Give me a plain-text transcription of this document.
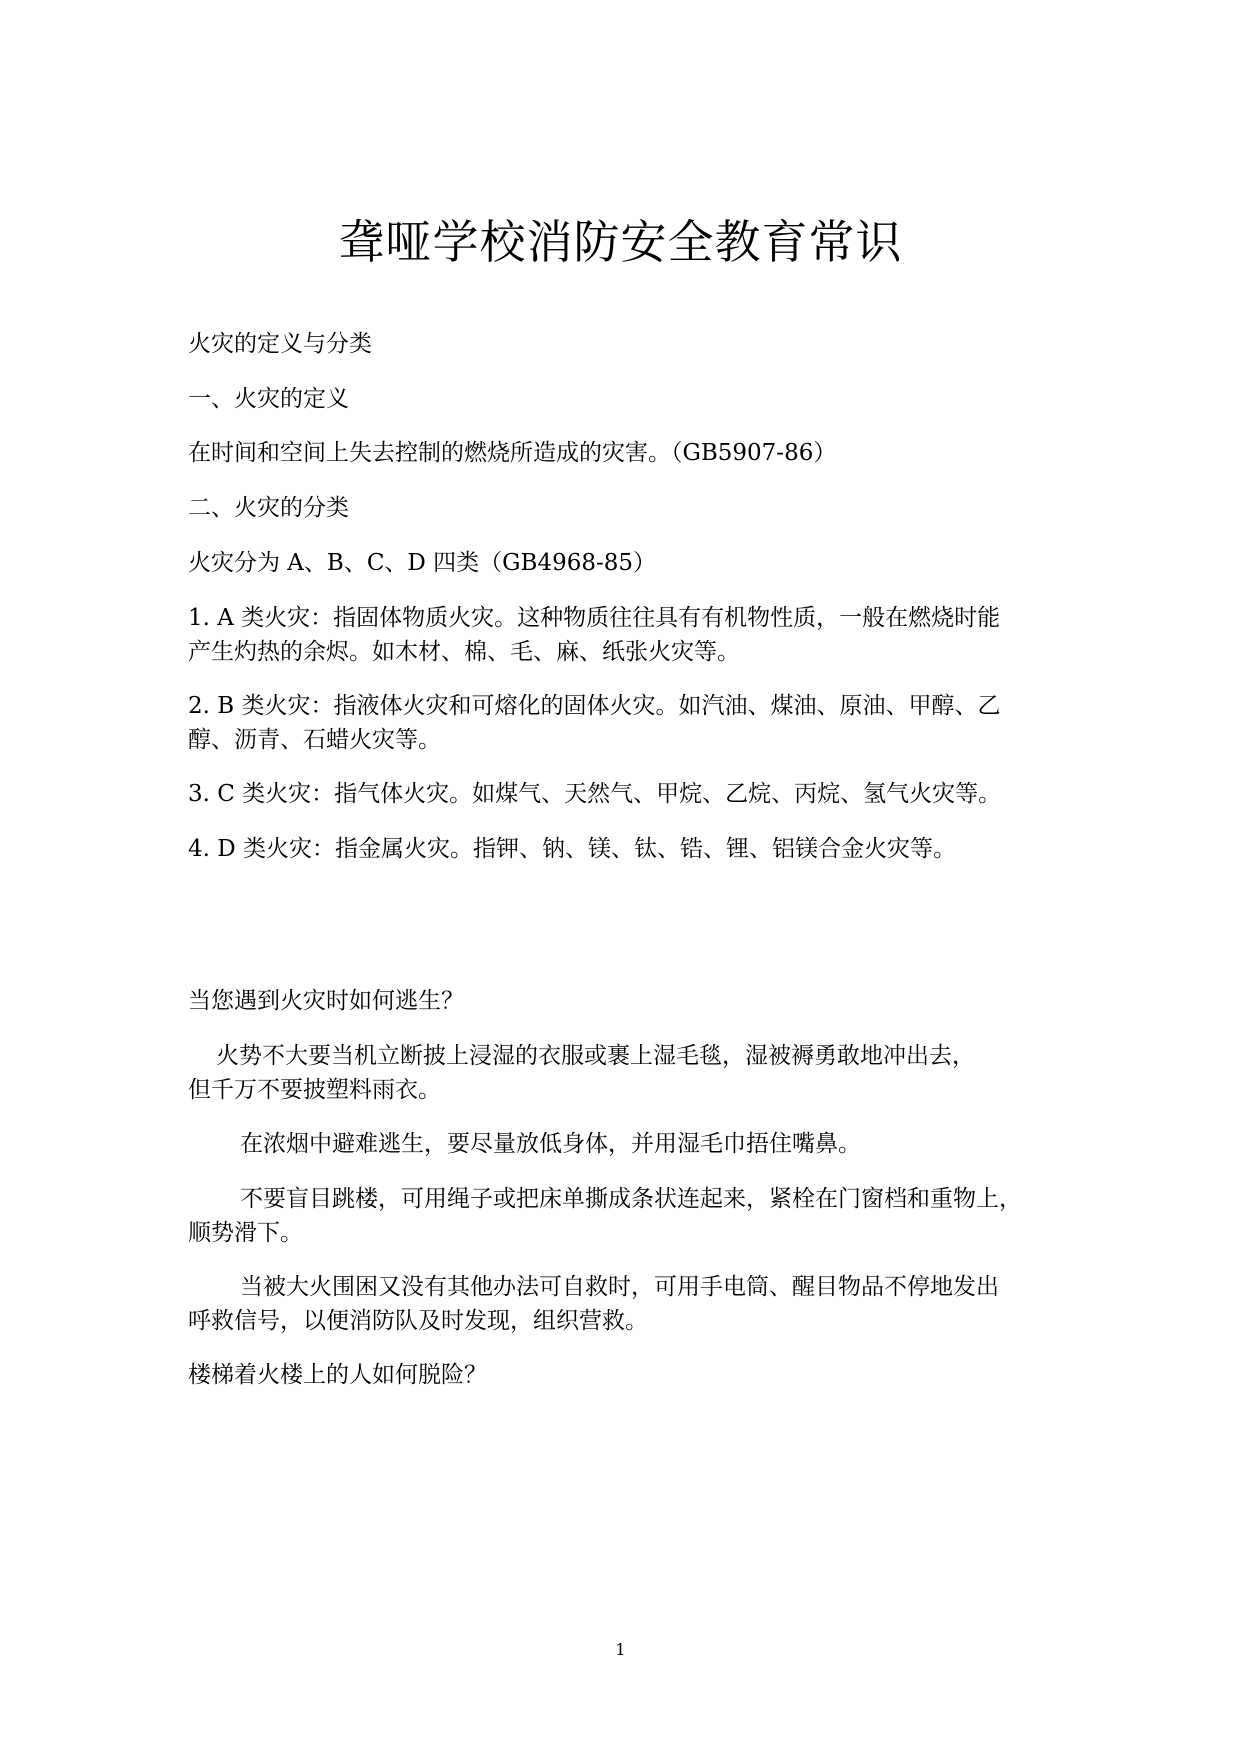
聋哑学校消防安全教育常识

火灾的定义与分类

一、火灾的定义

在时间和空间上失去控制的燃烧所造成的灾害。（GB5907-86）

二、火灾的分类

火灾分为 A、B、C、D 四类（GB4968-85）

1. A 类火灾：指固体物质火灾。这种物质往往具有有机物性质，一般在燃烧时能
产生灼热的余烬。如木材、棉、毛、麻、纸张火灾等。
2. B 类火灾：指液体火灾和可熔化的固体火灾。如汽油、煤油、原油、甲醇、乙
醇、沥青、石蜡火灾等。

3. C 类火灾：指气体火灾。如煤气、天然气、甲烷、乙烷、丙烷、氢气火灾等。

4. D 类火灾：指金属火灾。指钾、钠、镁、钛、锆、锂、铝镁合金火灾等。

当您遇到火灾时如何逃生？

火势不大要当机立断披上浸湿的衣服或裹上湿毛毯，湿被褥勇敢地冲出去，
但千万不要披塑料雨衣。

在浓烟中避难逃生，要尽量放低身体，并用湿毛巾捂住嘴鼻。

不要盲目跳楼，可用绳子或把床单撕成条状连起来，紧栓在门窗档和重物上，
顺势滑下。
当被大火围困又没有其他办法可自救时，可用手电筒、醒目物品不停地发出
呼救信号，以便消防队及时发现，组织营救。

楼梯着火楼上的人如何脱险？

1
